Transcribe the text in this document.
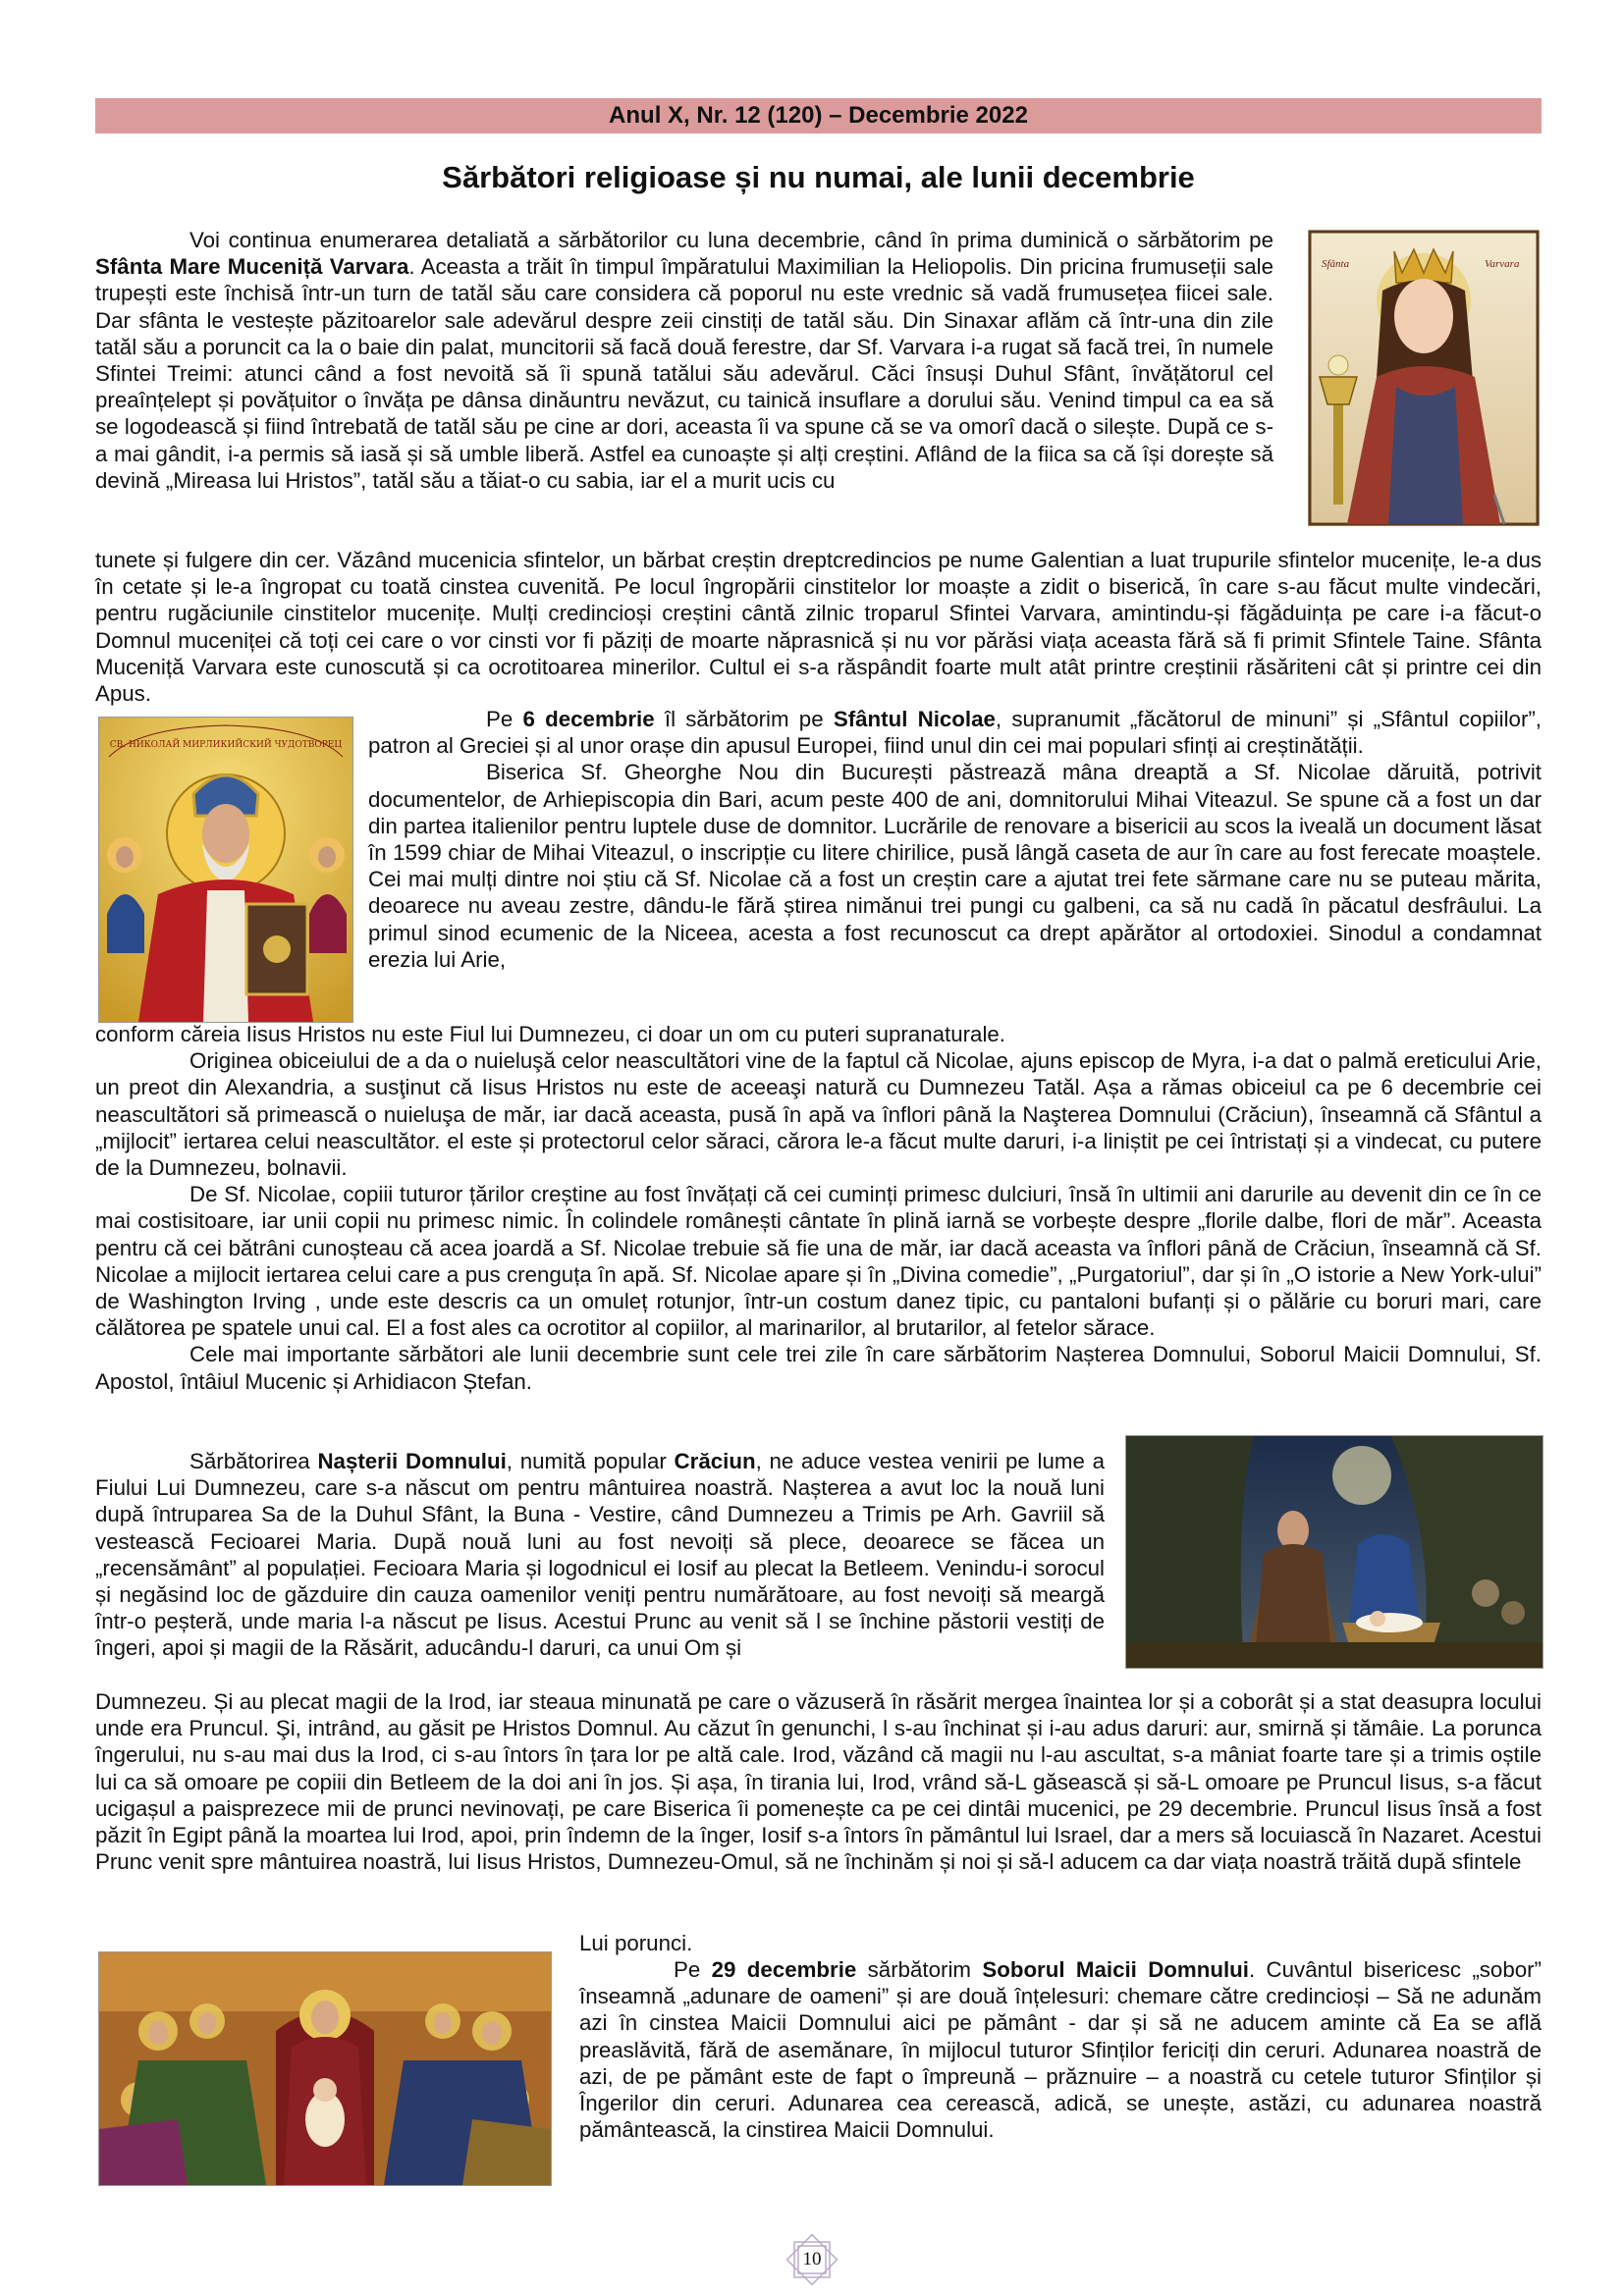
Anul X, Nr. 12 (120) – Decembrie 2022
Sărbători religioase și nu numai, ale lunii decembrie

Voi continua enumerarea detaliată a sărbătorilor cu luna decembrie, când în prima duminică o sărbătorim pe Sfânta Mare Muceniță Varvara. Aceasta a trăit în timpul împăratului Maximilian la Heliopolis. Din pricina frumuseții sale trupești este închisă într-un turn de tatăl său care considera că poporul nu este vrednic să vadă frumusețea fiicei sale. Dar sfânta le vestește păzitoarelor sale adevărul despre zeii cinstiți de tatăl său. Din Sinaxar aflăm că într-una din zile tatăl său a poruncit ca la o baie din palat, muncitorii să facă două ferestre, dar Sf. Varvara i-a rugat să facă trei, în numele Sfintei Treimi: atunci când a fost nevoită să îi spună tatălui său adevărul. Căci însuși Duhul Sfânt, învățătorul cel preaînțelept și povățuitor o învăța pe dânsa dinăuntru nevăzut, cu tainică insuflare a dorului său. Venind timpul ca ea să se logodească și fiind întrebată de tatăl său pe cine ar dori, aceasta îi va spune că se va omorî dacă o silește. După ce s-a mai gândit, i-a permis să iasă și să umble liberă. Astfel ea cunoaște și alți creștini. Aflând de la fiica sa că își dorește să devină „Mireasa lui Hristos”, tatăl său a tăiat-o cu sabia, iar el a murit ucis cu

Sfânta	Varvara

tunete și fulgere din cer. Văzând mucenicia sfintelor, un bărbat creștin dreptcredincios pe nume Galentian a luat trupurile sfintelor mucenițe, le-a dus în cetate și le-a îngropat cu toată cinstea cuvenită. Pe locul îngropării cinstitelor lor moaște a zidit o biserică, în care s-au făcut multe vindecări, pentru rugăciunile cinstitelor mucenițe. Mulți credincioși creștini cântă zilnic troparul Sfintei Varvara, amintindu-și făgăduința pe care i-a făcut-o Domnul muceniței că toți cei care o vor cinsti vor fi păziți de moarte năprasnică și nu vor părăsi viața aceasta fără să fi primit Sfintele Taine. Sfânta Muceniță Varvara este cunoscută și ca ocrotitoarea minerilor. Cultul ei s-a răspândit foarte mult atât printre creștinii răsăriteni cât și printre cei din Apus.

СВ. НИКОЛАЙ МИРЛИКИЙСКИЙ ЧУДОТВОРЕЦ

Pe 6 decembrie îl sărbătorim pe Sfântul Nicolae, supranumit „făcătorul de minuni” și „Sfântul copiilor”, patron al Greciei și al unor orașe din apusul Europei, fiind unul din cei mai populari sfinți ai creștinătății.

Biserica Sf. Gheorghe Nou din București păstrează mâna dreaptă a Sf. Nicolae dăruită, potrivit documentelor, de Arhiepiscopia din Bari, acum peste 400 de ani, domnitorului Mihai Viteazul. Se spune că a fost un dar din partea italienilor pentru luptele duse de domnitor. Lucrările de renovare a bisericii au scos la iveală un document lăsat în 1599 chiar de Mihai Viteazul, o inscripție cu litere chirilice, pusă lângă caseta de aur în care au fost ferecate moaștele. Cei mai mulți dintre noi știu că Sf. Nicolae că a fost un creștin care a ajutat trei fete sărmane care nu se puteau mărita, deoarece nu aveau zestre, dându-le fără știrea nimănui trei pungi cu galbeni, ca să nu cadă în păcatul desfrâului. La primul sinod ecumenic de la Niceea, acesta a fost recunoscut ca drept apărător al ortodoxiei. Sinodul a condamnat erezia lui Arie,

conform căreia Iisus Hristos nu este Fiul lui Dumnezeu, ci doar un om cu puteri supranaturale.

Originea obiceiului de a da o nuieluşă celor neascultători vine de la faptul că Nicolae, ajuns episcop de Myra, i-a dat o palmă ereticului Arie, un preot din Alexandria, a susţinut că Iisus Hristos nu este de aceeaşi natură cu Dumnezeu Tatăl. Așa a rămas obiceiul ca pe 6 decembrie cei neascultători să primească o nuieluşa de măr, iar dacă aceasta, pusă în apă va înflori până la Naşterea Domnului (Crăciun), înseamnă că Sfântul a „mijlocit” iertarea celui neascultător. el este și protectorul celor săraci, cărora le-a făcut multe daruri, i-a liniștit pe cei întristați și a vindecat, cu putere de la Dumnezeu, bolnavii.

De Sf. Nicolae, copiii tuturor țărilor creștine au fost învățați că cei cuminți primesc dulciuri, însă în ultimii ani darurile au devenit din ce în ce mai costisitoare, iar unii copii nu primesc nimic. În colindele românești cântate în plină iarnă se vorbește despre „florile dalbe, flori de măr”. Aceasta pentru că cei bătrâni cunoșteau că acea joardă a Sf. Nicolae trebuie să fie una de măr, iar dacă aceasta va înflori până de Crăciun, înseamnă că Sf. Nicolae a mijlocit iertarea celui care a pus crenguța în apă. Sf. Nicolae apare și în „Divina comedie”, „Purgatoriul”, dar și în „O istorie a New York-ului” de Washington Irving , unde este descris ca un omuleț rotunjor, într-un costum danez tipic, cu pantaloni bufanți și o pălărie cu boruri mari, care călătorea pe spatele unui cal. El a fost ales ca ocrotitor al copiilor, al marinarilor, al brutarilor, al fetelor sărace.

Cele mai importante sărbători ale lunii decembrie sunt cele trei zile în care sărbătorim Nașterea Domnului, Soborul Maicii Domnului, Sf. Apostol, întâiul Mucenic și Arhidiacon Ștefan.

Sărbătorirea Nașterii Domnului, numită popular Crăciun, ne aduce vestea venirii pe lume a Fiului Lui Dumnezeu, care s-a născut om pentru mântuirea noastră. Nașterea a avut loc la nouă luni după întruparea Sa de la Duhul Sfânt, la Buna - Vestire, când Dumnezeu a Trimis pe Arh. Gavriil să vestească Fecioarei Maria. După nouă luni au fost nevoiți să plece, deoarece se făcea un „recensământ” al populației. Fecioara Maria și logodnicul ei Iosif au plecat la Betleem. Venindu-i sorocul și negăsind loc de găzduire din cauza oamenilor veniți pentru numărătoare, au fost nevoiți să meargă într-o peșteră, unde maria l-a născut pe Iisus. Acestui Prunc au venit să l se închine păstorii vestiți de îngeri, apoi și magii de la Răsărit, aducându-l daruri, ca unui Om și

Dumnezeu. Și au plecat magii de la Irod, iar steaua minunată pe care o văzuseră în răsărit mergea înaintea lor și a coborât și a stat deasupra locului unde era Pruncul. Şi, intrând, au găsit pe Hristos Domnul. Au căzut în genunchi, l s-au închinat și i-au adus daruri: aur, smirnă și tămâie. La porunca îngerului, nu s-au mai dus la Irod, ci s-au întors în țara lor pe altă cale. Irod, văzând că magii nu l-au ascultat, s-a mâniat foarte tare și a trimis oștile lui ca să omoare pe copiii din Betleem de la doi ani în jos. Și așa, în tirania lui, Irod, vrând să-L găsească și să-L omoare pe Pruncul Iisus, s-a făcut ucigașul a paisprezece mii de prunci nevinovați, pe care Biserica îi pomenește ca pe cei dintâi mucenici, pe 29 decembrie. Pruncul Iisus însă a fost păzit în Egipt până la moartea lui Irod, apoi, prin îndemn de la înger, Iosif s-a întors în pământul lui Israel, dar a mers să locuiască în Nazaret. Acestui Prunc venit spre mântuirea noastră, lui Iisus Hristos, Dumnezeu-Omul, să ne închinăm și noi și să-l aducem ca dar viața noastră trăită după sfintele

Lui porunci.

Pe 29 decembrie sărbătorim Soborul Maicii Domnului. Cuvântul bisericesc „sobor” înseamnă „adunare de oameni” și are două înțelesuri: chemare către credincioși – Să ne adunăm azi în cinstea Maicii Domnului aici pe pământ - dar și să ne aducem aminte că Ea se află preaslăvită, fără de asemănare, în mijlocul tuturor Sfinților fericiți din ceruri. Adunarea noastră de azi, de pe pământ este de fapt o împreună – prăznuire – a noastră cu cetele tuturor Sfinților și Îngerilor din ceruri. Adunarea cea cerească, adică, se unește, astăzi, cu adunarea noastră pământească, la cinstirea Maicii Domnului.

10
